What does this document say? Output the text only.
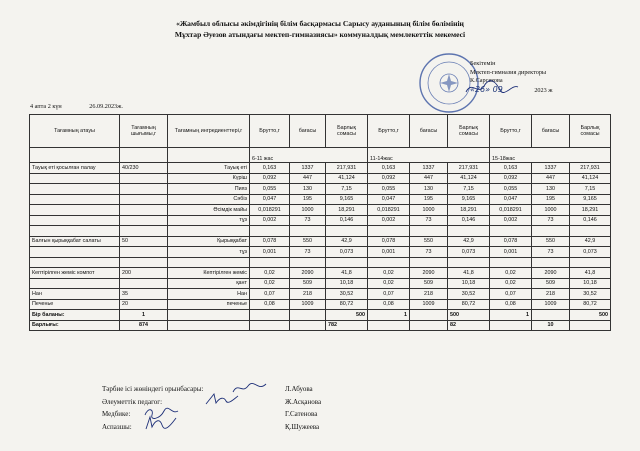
«Жамбыл облысы әкімдігінің білім басқармасы Сарысу ауданының білім бөлімінің
Мұхтар Әуезов атындағы мектеп-гимназиясы» коммуналдық мемлекеттік мекемесі
Бекітемін
Мектеп-гимназия директоры
К.Сарсекова
«26» 09	2023 ж
4 апта 2 күн	26.09.2023ж.
Тағамның атауы	Тағамның шығымы,г	Тағамның ингредиенттері,г	Брутто,г	бағасы	Барлық сомасы	Брутто,г	бағасы	Барлық сомасы	Брутто,г	бағасы	Барлық сомасы
			6-11 жас			11-14жас			15-18жас		
Тауық еті қосылған палау	40/230	Тауық еті	0,163	1337	217,931	0,163	1337	217,931	0,163	1337	217,931
		Күріш	0,092	447	41,124	0,092	447	41,124	0,092	447	41,124
		Пияз	0,055	130	7,15	0,055	130	7,15	0,055	130	7,15
		Сәбіз	0,047	195	9,165	0,047	195	9,165	0,047	195	9,165
		Өсімдік майы	0,018291	1000	18,291	0,018291	1000	18,291	0,018291	1000	18,291
		тұз	0,002	73	0,146	0,002	73	0,146	0,002	73	0,146

Балғын қырыққабат салаты	50	Қырыққабат	0,078	550	42,9	0,078	550	42,9	0,078	550	42,9
		тұз	0,001	73	0,073	0,001	73	0,073	0,001	73	0,073

Кептірілген жеміс компот	200	Кептірілген жеміс	0,02	2090	41,8	0,02	2090	41,8	0,02	2090	41,8
		қант	0,02	509	10,18	0,02	509	10,18	0,02	509	10,18
Нан	35	Нан	0,07	218	30,52	0,07	218	30,52	0,07	218	30,52
Печенье	20	печенье	0,08	1009	80,72	0,08	1009	80,72	0,08	1009	80,72
Бір баланы:	1				500	1		500	1		500
Барлығы:	874				782			82		10	
Тәрбие ісі жөніндегі орынбасары:	Л.Абуова
Әлеуметтік педагог:	Ж.Асқанова
Медбике:	Г.Сатенова
Аспазшы:	Қ.Шужеева
